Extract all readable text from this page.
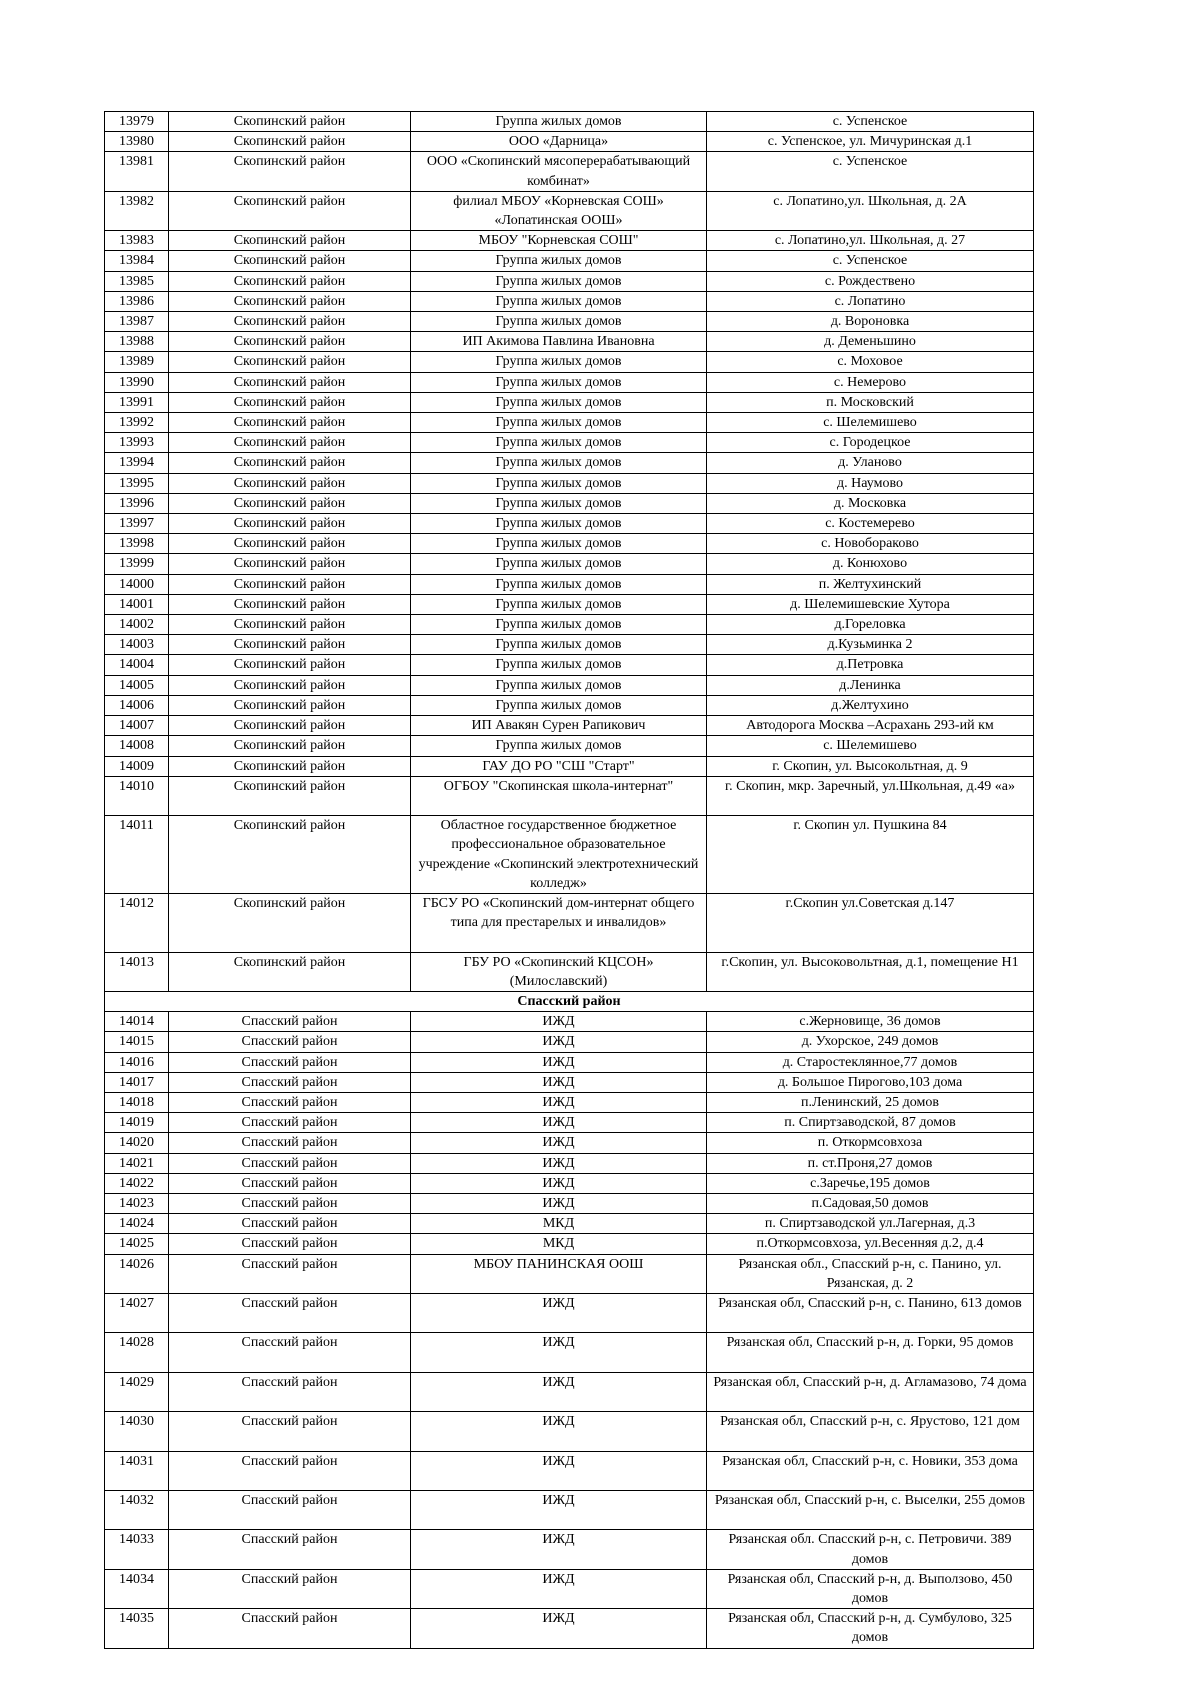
13979	Скопинский район	Группа жилых домов	с. Успенское
13980	Скопинский район	ООО «Дарница»	с. Успенское, ул. Мичуринская д.1
13981	Скопинский район	ООО «Скопинский мясоперерабатывающий комбинат»	с. Успенское
13982	Скопинский район	филиал МБОУ «Корневская СОШ» «Лопатинская ООШ»	с. Лопатино,ул. Школьная, д. 2А
13983	Скопинский район	МБОУ "Корневская СОШ"	с. Лопатино,ул. Школьная, д. 27
13984	Скопинский район	Группа жилых домов	с. Успенское
13985	Скопинский район	Группа жилых домов	с. Рождествено
13986	Скопинский район	Группа жилых домов	с. Лопатино
13987	Скопинский район	Группа жилых домов	д. Вороновка
13988	Скопинский район	ИП Акимова Павлина Ивановна	д. Деменьшино
13989	Скопинский район	Группа жилых домов	с. Моховое
13990	Скопинский район	Группа жилых домов	с. Немерово
13991	Скопинский район	Группа жилых домов	п. Московский
13992	Скопинский район	Группа жилых домов	с. Шелемишево
13993	Скопинский район	Группа жилых домов	с. Городецкое
13994	Скопинский район	Группа жилых домов	д. Уланово
13995	Скопинский район	Группа жилых домов	д. Наумово
13996	Скопинский район	Группа жилых домов	д. Московка
13997	Скопинский район	Группа жилых домов	с. Костемерево
13998	Скопинский район	Группа жилых домов	с. Новобораково
13999	Скопинский район	Группа жилых домов	д. Конюхово
14000	Скопинский район	Группа жилых домов	п. Желтухинский
14001	Скопинский район	Группа жилых домов	д. Шелемишевские Хутора
14002	Скопинский район	Группа жилых домов	д.Гореловка
14003	Скопинский район	Группа жилых домов	д.Кузьминка 2
14004	Скопинский район	Группа жилых домов	д.Петровка
14005	Скопинский район	Группа жилых домов	д.Ленинка
14006	Скопинский район	Группа жилых домов	д.Желтухино
14007	Скопинский район	ИП Авакян Сурен Рапикович	Автодорога Москва –Асрахань 293-ий км
14008	Скопинский район	Группа жилых домов	с. Шелемишево
14009	Скопинский район	ГАУ ДО РО "СШ "Старт"	г. Скопин, ул. Высокольтная, д. 9
14010	Скопинский район	ОГБОУ "Скопинская школа-интернат"	г. Скопин, мкр. Заречный, ул.Школьная, д.49 «а»
14011	Скопинский район	Областное государственное бюджетное профессиональное образовательное учреждение «Скопинский электротехнический колледж»	г. Скопин ул. Пушкина 84
14012	Скопинский район	ГБСУ РО «Скопинский дом-интернат общего типа для престарелых и инвалидов»	г.Скопин ул.Советская д.147
14013	Скопинский район	ГБУ РО «Скопинский КЦСОН» (Милославский)	г.Скопин, ул. Высоковольтная, д.1, помещение Н1
Спасский район			
14014	Спасский район	ИЖД	с.Жерновище, 36 домов
14015	Спасский район	ИЖД	д. Ухорское, 249 домов
14016	Спасский район	ИЖД	д. Старостеклянное,77 домов
14017	Спасский район	ИЖД	д. Большое Пирогово,103 дома
14018	Спасский район	ИЖД	п.Ленинский, 25 домов
14019	Спасский район	ИЖД	п. Спиртзаводской, 87 домов
14020	Спасский район	ИЖД	п. Откормсовхоза
14021	Спасский район	ИЖД	п. ст.Проня,27 домов
14022	Спасский район	ИЖД	с.Заречье,195 домов
14023	Спасский район	ИЖД	п.Садовая,50 домов
14024	Спасский район	МКД	п. Спиртзаводской ул.Лагерная, д.3
14025	Спасский район	МКД	п.Откормсовхоза, ул.Весенняя д.2, д.4
14026	Спасский район	МБОУ ПАНИНСКАЯ ООШ	Рязанская обл., Спасский р-н, с. Панино, ул. Рязанская, д. 2
14027	Спасский район	ИЖД	Рязанская обл, Спасский р-н, с. Панино, 613 домов
14028	Спасский район	ИЖД	Рязанская обл, Спасский р-н, д. Горки, 95 домов
14029	Спасский район	ИЖД	Рязанская обл, Спасский р-н, д. Агламазово, 74 дома
14030	Спасский район	ИЖД	Рязанская обл, Спасский р-н, с. Ярустово, 121 дом
14031	Спасский район	ИЖД	Рязанская обл, Спасский р-н, с. Новики, 353 дома
14032	Спасский район	ИЖД	Рязанская обл, Спасский р-н, с. Выселки, 255 домов
14033	Спасский район	ИЖД	Рязанская обл. Спасский р-н, с. Петровичи. 389 домов
14034	Спасский район	ИЖД	Рязанская обл, Спасский р-н, д. Выползово, 450 домов
14035	Спасский район	ИЖД	Рязанская обл, Спасский р-н, д. Сумбулово, 325 домов
